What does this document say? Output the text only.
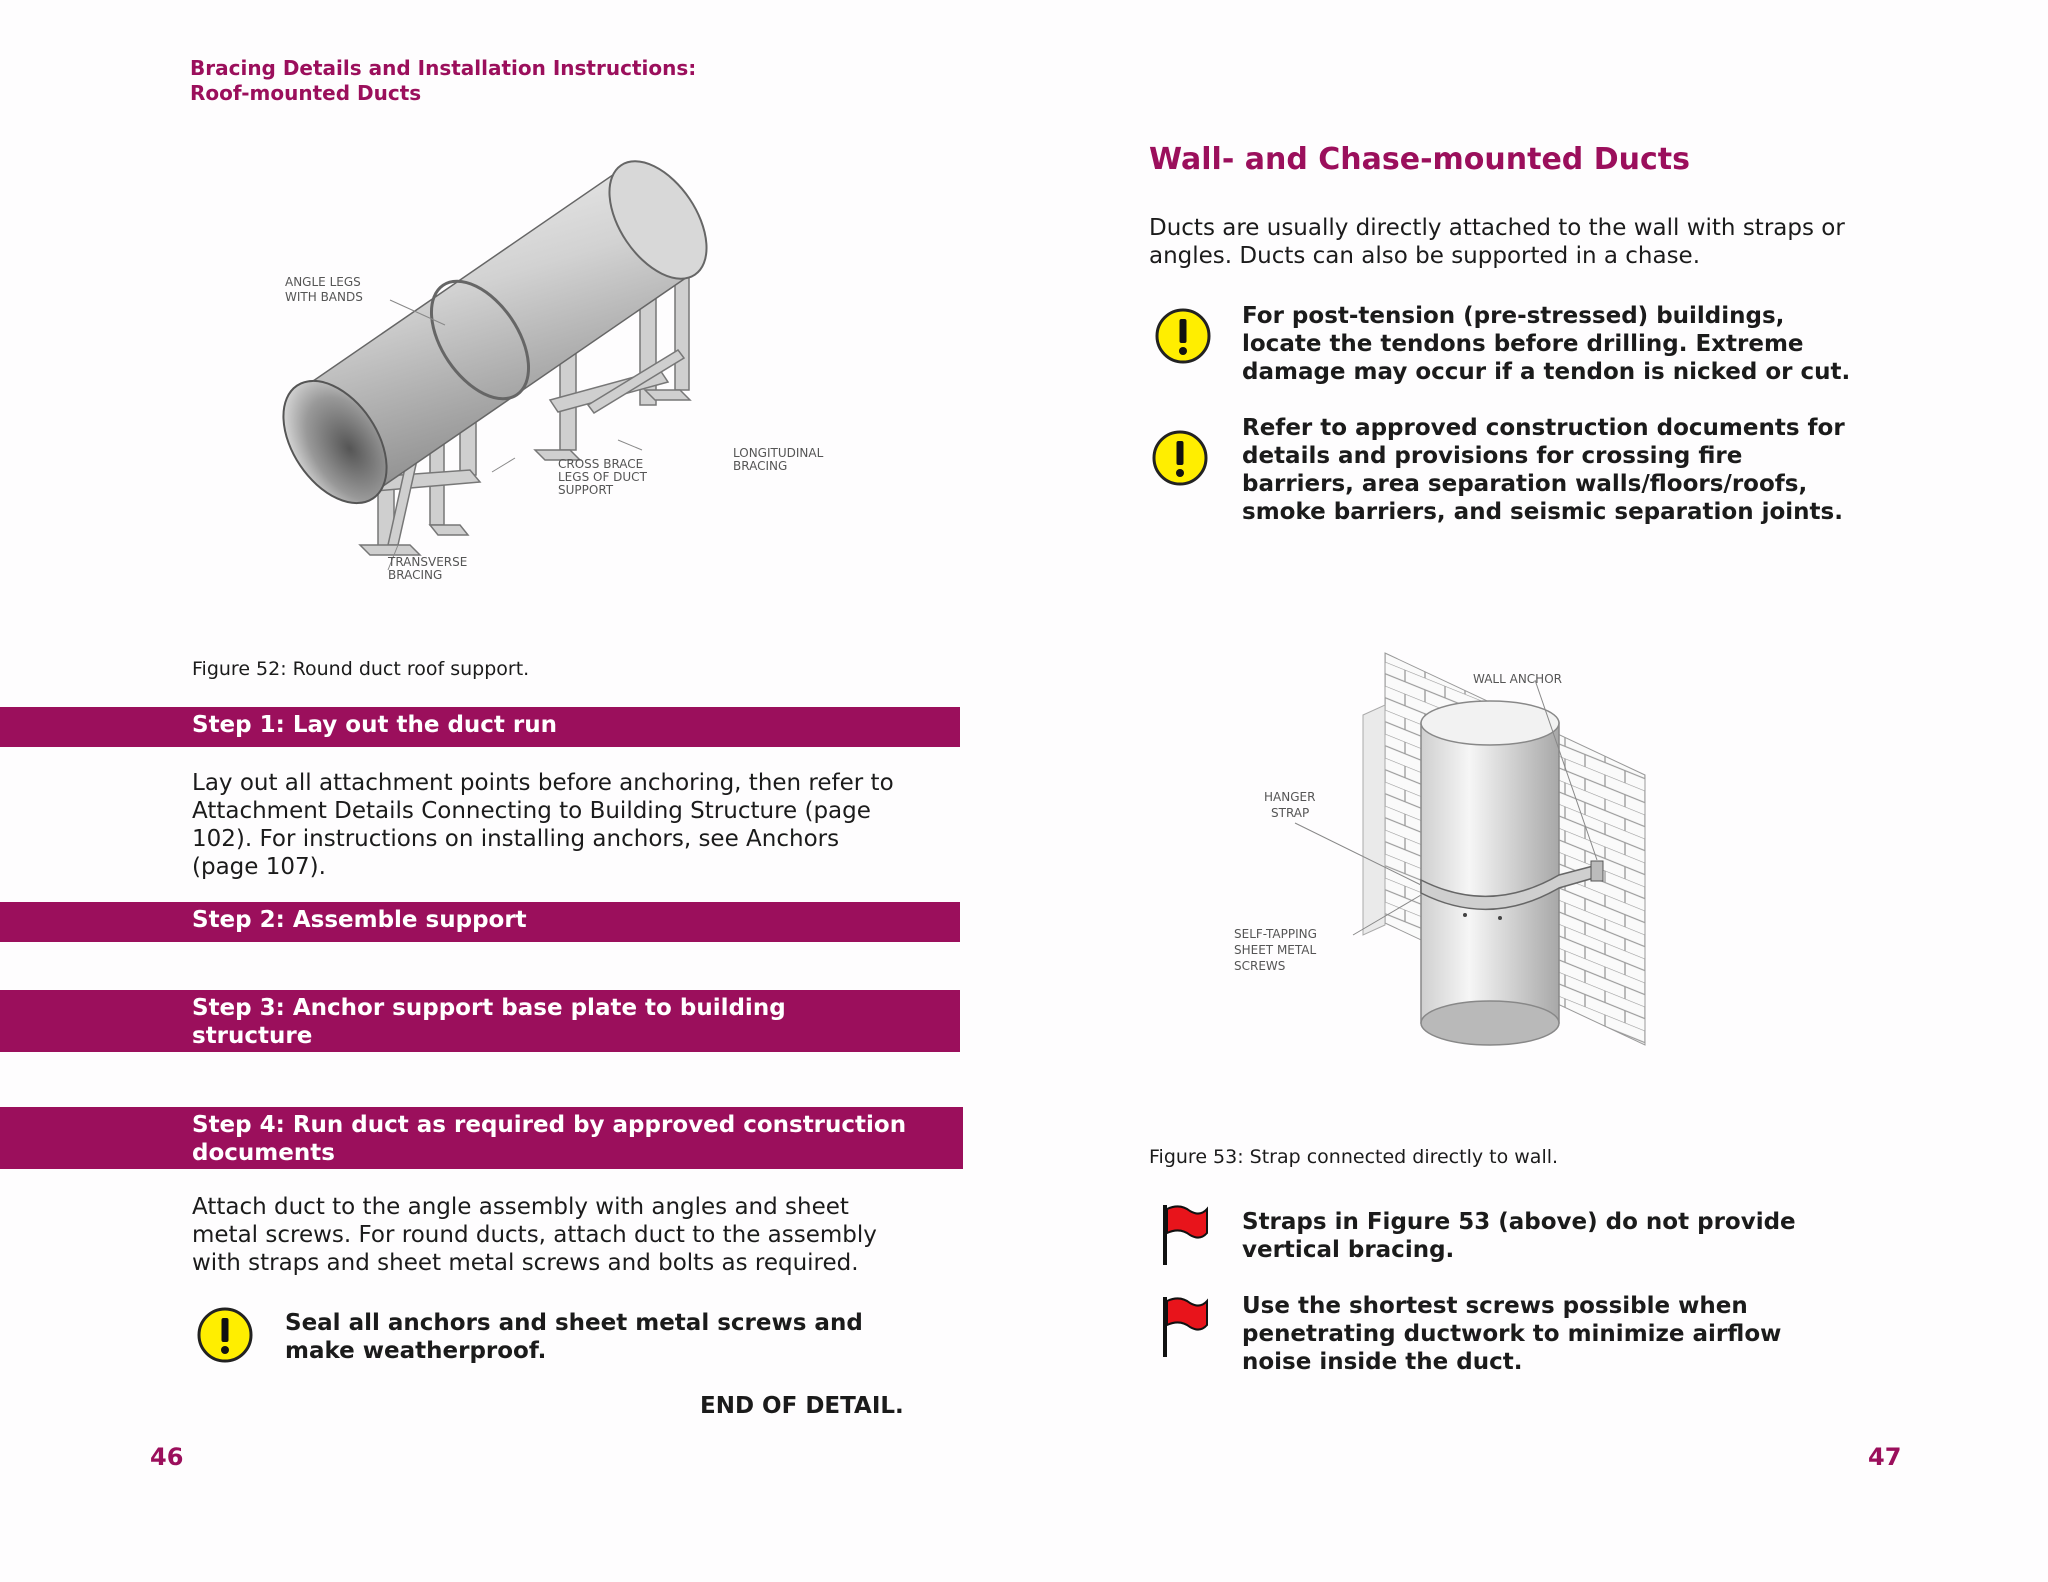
Bracing Details and Installation Instructions:
Roof-mounted Ducts
ANGLE LEGS
WITH BANDS
CROSS BRACE
LEGS OF DUCT
SUPPORT
LONGITUDINAL
BRACING
TRANSVERSE
BRACING
Figure 52: Round duct roof support.
Step 1: Lay out the duct run
Lay out all attachment points before anchoring, then refer to
Attachment Details Connecting to Building Structure (page
102). For instructions on installing anchors, see Anchors
(page 107).
Step 2: Assemble support
Step 3: Anchor support base plate to building
structure
Step 4: Run duct as required by approved construction
documents
Attach duct to the angle assembly with angles and sheet
metal screws. For round ducts, attach duct to the assembly
with straps and sheet metal screws and bolts as required.
Seal all anchors and sheet metal screws and
make weatherproof.
END OF DETAIL.
46
Wall- and Chase-mounted Ducts
Ducts are usually directly attached to the wall with straps or
angles. Ducts can also be supported in a chase.
For post-tension (pre-stressed) buildings,
locate the tendons before drilling. Extreme
damage may occur if a tendon is nicked or cut.
Refer to approved construction documents for
details and provisions for crossing fire
barriers, area separation walls/floors/roofs,
smoke barriers, and seismic separation joints.
WALL ANCHOR
HANGER
STRAP
SELF-TAPPING
SHEET METAL
SCREWS
Figure 53: Strap connected directly to wall.
Straps in Figure 53 (above) do not provide
vertical bracing.
Use the shortest screws possible when
penetrating ductwork to minimize airflow
noise inside the duct.
47
